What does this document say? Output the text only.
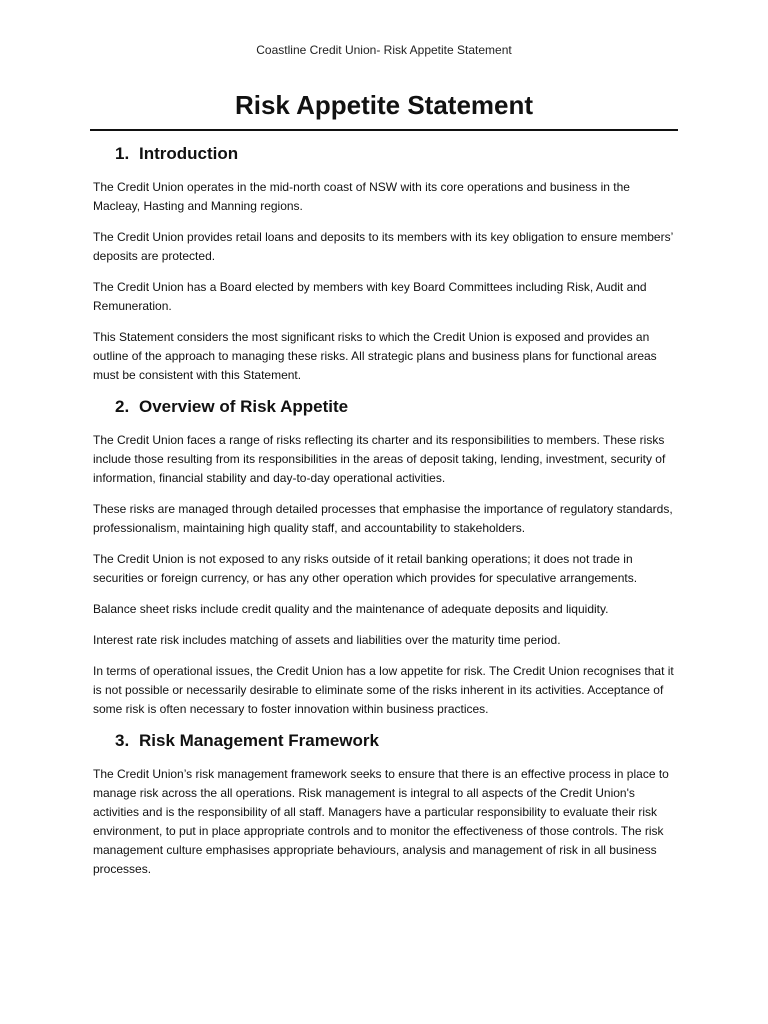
Coastline Credit Union- Risk Appetite Statement
Risk Appetite Statement
1. Introduction

The Credit Union operates in the mid-north coast of NSW with its core operations and business in the Macleay, Hasting and Manning regions.

The Credit Union provides retail loans and deposits to its members with its key obligation to ensure members’ deposits are protected.

The Credit Union has a Board elected by members with key Board Committees including Risk, Audit and Remuneration.

This Statement considers the most significant risks to which the Credit Union is exposed and provides an outline of the approach to managing these risks. All strategic plans and business plans for functional areas must be consistent with this Statement.

2. Overview of Risk Appetite

The Credit Union faces a range of risks reflecting its charter and its responsibilities to members. These risks include those resulting from its responsibilities in the areas of deposit taking, lending, investment, security of information, financial stability and day-to-day operational activities.

These risks are managed through detailed processes that emphasise the importance of regulatory standards, professionalism, maintaining high quality staff, and accountability to stakeholders.

The Credit Union is not exposed to any risks outside of it retail banking operations; it does not trade in securities or foreign currency, or has any other operation which provides for speculative arrangements.

Balance sheet risks include credit quality and the maintenance of adequate deposits and liquidity.

Interest rate risk includes matching of assets and liabilities over the maturity time period.

In terms of operational issues, the Credit Union has a low appetite for risk. The Credit Union recognises that it is not possible or necessarily desirable to eliminate some of the risks inherent in its activities. Acceptance of some risk is often necessary to foster innovation within business practices.

3. Risk Management Framework

The Credit Union’s risk management framework seeks to ensure that there is an effective process in place to manage risk across the all operations. Risk management is integral to all aspects of the Credit Union's activities and is the responsibility of all staff. Managers have a particular responsibility to evaluate their risk environment, to put in place appropriate controls and to monitor the effectiveness of those controls. The risk management culture emphasises appropriate behaviours, analysis and management of risk in all business processes.
